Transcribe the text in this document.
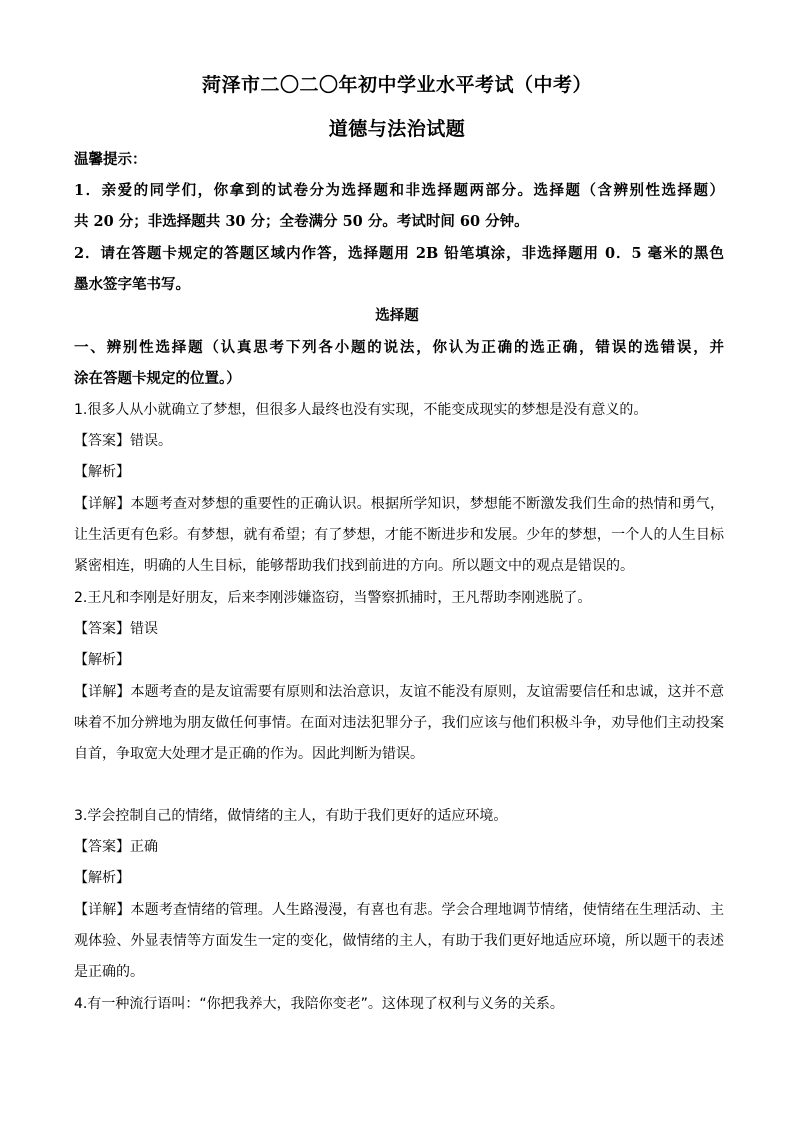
菏泽市二〇二〇年初中学业水平考试（中考）
道德与法治试题
温馨提示：
1．亲爱的同学们，你拿到的试卷分为选择题和非选择题两部分。选择题（含辨别性选择题）
共 20 分；非选择题共 30 分；全卷满分 50 分。考试时间 60 分钟。
2．请在答题卡规定的答题区域内作答，选择题用 2B 铅笔填涂，非选择题用 0．5 毫米的黑色
墨水签字笔书写。
选择题
一、辨别性选择题（认真思考下列各小题的说法，你认为正确的选正确，错误的选错误，并
涂在答题卡规定的位置。）
1.很多人从小就确立了梦想，但很多人最终也没有实现，不能变成现实的梦想是没有意义的。
【答案】错误。
【解析】
【详解】本题考查对梦想的重要性的正确认识。根据所学知识，梦想能不断激发我们生命的热情和勇气，
让生活更有色彩。有梦想，就有希望；有了梦想，才能不断进步和发展。少年的梦想，一个人的人生目标
紧密相连，明确的人生目标，能够帮助我们找到前进的方向。所以题文中的观点是错误的。
2.王凡和李刚是好朋友，后来李刚涉嫌盗窃，当警察抓捕时，王凡帮助李刚逃脱了。
【答案】错误
【解析】
【详解】本题考查的是友谊需要有原则和法治意识，友谊不能没有原则，友谊需要信任和忠诚，这并不意
味着不加分辨地为朋友做任何事情。在面对违法犯罪分子，我们应该与他们积极斗争，劝导他们主动投案
自首，争取宽大处理才是正确的作为。因此判断为错误。
3.学会控制自己的情绪，做情绪的主人，有助于我们更好的适应环境。
【答案】正确
【解析】
【详解】本题考查情绪的管理。人生路漫漫，有喜也有悲。学会合理地调节情绪，使情绪在生理活动、主
观体验、外显表情等方面发生一定的变化，做情绪的主人，有助于我们更好地适应环境，所以题干的表述
是正确的。
4.有一种流行语叫：“你把我养大，我陪你变老”。这体现了权利与义务的关系。
